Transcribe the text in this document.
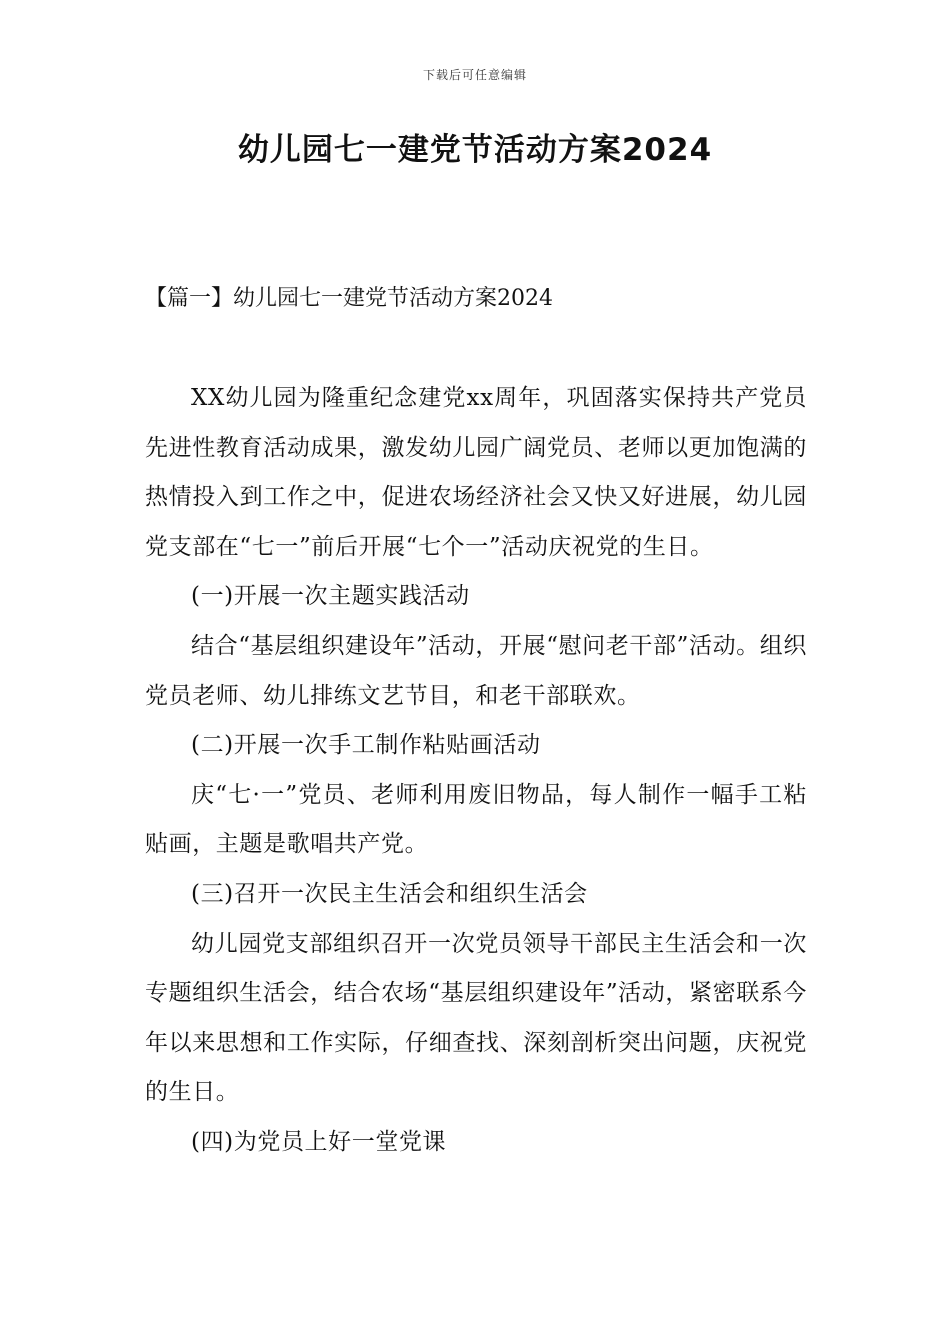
下载后可任意编辑
幼儿园七一建党节活动方案2024
【篇一】幼儿园七一建党节活动方案2024

XX幼儿园为隆重纪念建党xx周年，巩固落实保持共产党员先进性教育活动成果，激发幼儿园广阔党员、老师以更加饱满的热情投入到工作之中，促进农场经济社会又快又好进展，幼儿园党支部在“七一”前后开展“七个一”活动庆祝党的生日。

(一)开展一次主题实践活动

结合“基层组织建设年”活动，开展“慰问老干部”活动。组织党员老师、幼儿排练文艺节目，和老干部联欢。

(二)开展一次手工制作粘贴画活动

庆“七·一”党员、老师利用废旧物品，每人制作一幅手工粘贴画，主题是歌唱共产党。

(三)召开一次民主生活会和组织生活会

幼儿园党支部组织召开一次党员领导干部民主生活会和一次专题组织生活会，结合农场“基层组织建设年”活动，紧密联系今年以来思想和工作实际，仔细查找、深刻剖析突出问题，庆祝党的生日。

(四)为党员上好一堂党课
